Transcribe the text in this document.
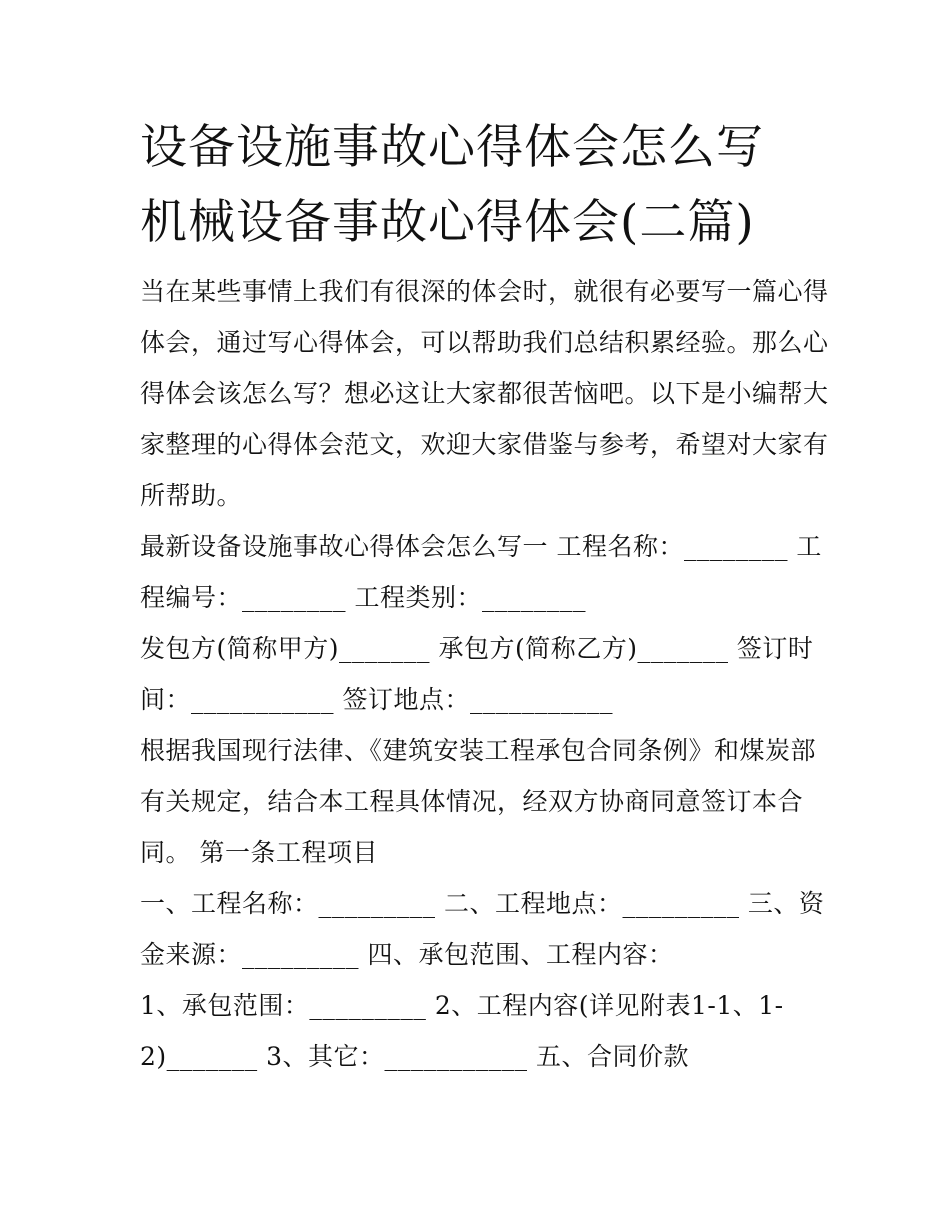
设备设施事故心得体会怎么写
机械设备事故心得体会(二篇)

当在某些事情上我们有很深的体会时，就很有必要写一篇心得

体会，通过写心得体会，可以帮助我们总结积累经验。那么心

得体会该怎么写？想必这让大家都很苦恼吧。以下是小编帮大

家整理的心得体会范文，欢迎大家借鉴与参考，希望对大家有

所帮助。

最新设备设施事故心得体会怎么写一 工程名称：________ 工

程编号：________ 工程类别：________

发包方(简称甲方)_______ 承包方(简称乙方)_______ 签订时

间：___________ 签订地点：___________

根据我国现行法律、《建筑安装工程承包合同条例》和煤炭部

有关规定，结合本工程具体情况，经双方协商同意签订本合

同。 第一条工程项目

一、工程名称：_________ 二、工程地点：_________ 三、资

金来源：_________ 四、承包范围、工程内容：

1、承包范围：_________ 2、工程内容(详见附表1-1、1-

2)_______ 3、其它：___________ 五、合同价款
